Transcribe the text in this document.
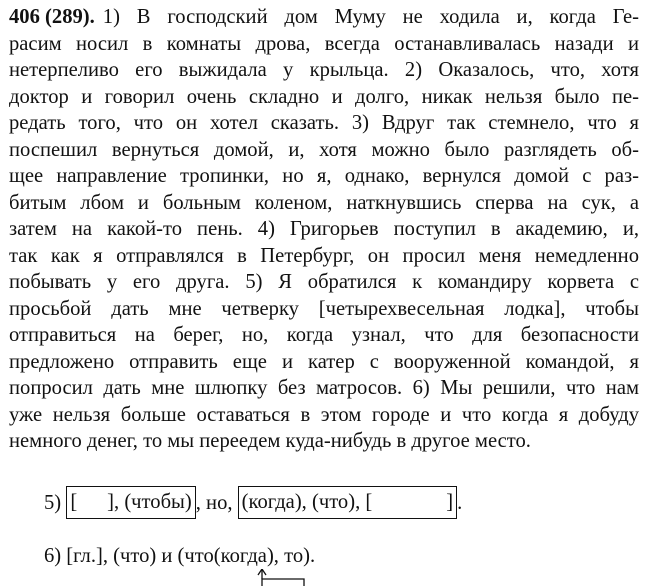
406 (289). 1) В господский дом Муму не ходила и, когда Ге-
расим носил в комнаты дрова, всегда останавливалась назади и
нетерпеливо его выжидала у крыльца. 2) Оказалось, что, хотя
доктор и говорил очень складно и долго, никак нельзя было пе-
редать того, что он хотел сказать. 3) Вдруг так стемнело, что я
поспешил вернуться домой, и, хотя можно было разглядеть об-
щее направление тропинки, но я, однако, вернулся домой с раз-
битым лбом и больным коленом, наткнувшись сперва на сук, а
затем на какой-то пень. 4) Григорьев поступил в академию, и,
так как я отправлялся в Петербург, он просил меня немедленно
побывать у его друга. 5) Я обратился к командиру корвета с
просьбой дать мне четверку [четырехвесельная лодка], чтобы
отправиться на берег, но, когда узнал, что для безопасности
предложено отправить еще и катер с вооруженной командой, я
попросил дать мне шлюпку без матросов. 6) Мы решили, что нам
уже нельзя больше оставаться в этом городе и что когда я добуду
немного денег, то мы переедем куда-нибудь в другое место.
5) [ ], (чтобы) , но, (когда), (что), [	] .
6) [гл.], (что) и (что(когда), то).
